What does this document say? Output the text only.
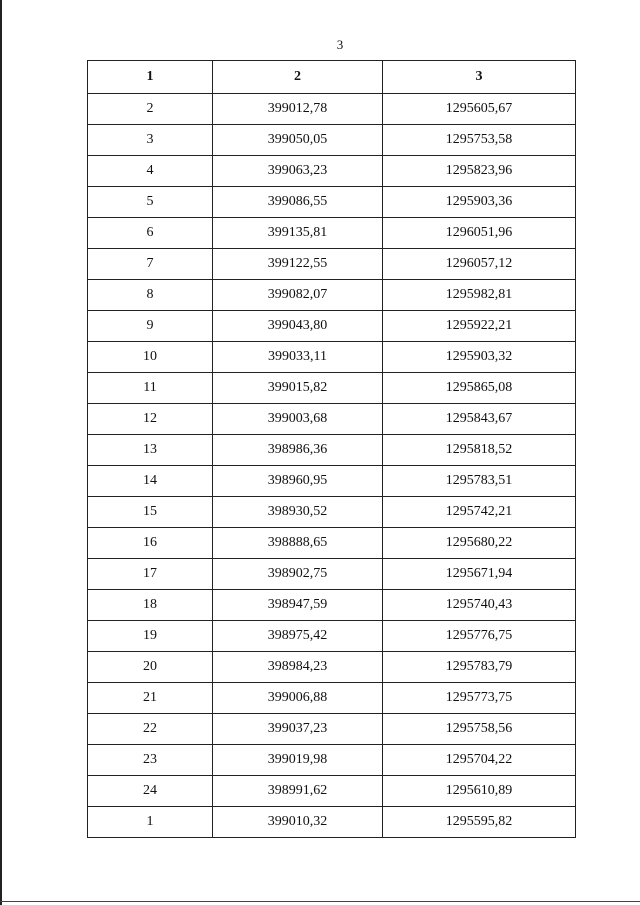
3
1	2	3
2	399012,78	1295605,67
3	399050,05	1295753,58
4	399063,23	1295823,96
5	399086,55	1295903,36
6	399135,81	1296051,96
7	399122,55	1296057,12
8	399082,07	1295982,81
9	399043,80	1295922,21
10	399033,11	1295903,32
11	399015,82	1295865,08
12	399003,68	1295843,67
13	398986,36	1295818,52
14	398960,95	1295783,51
15	398930,52	1295742,21
16	398888,65	1295680,22
17	398902,75	1295671,94
18	398947,59	1295740,43
19	398975,42	1295776,75
20	398984,23	1295783,79
21	399006,88	1295773,75
22	399037,23	1295758,56
23	399019,98	1295704,22
24	398991,62	1295610,89
1	399010,32	1295595,82
